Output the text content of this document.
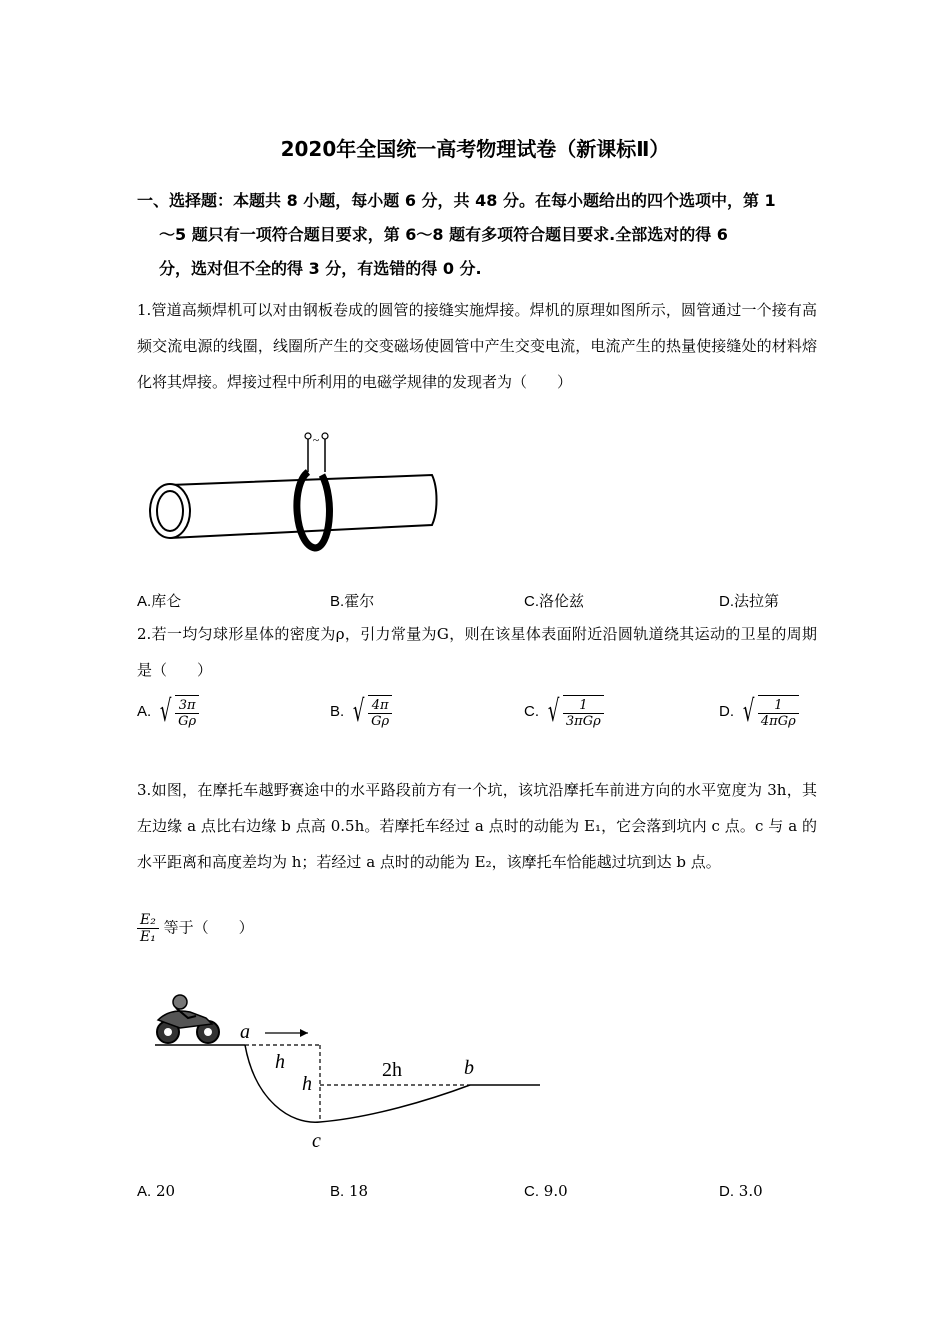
2020年全国统一高考物理试卷（新课标Ⅱ）
一、选择题：本题共 8 小题，每小题 6 分，共 48 分。在每小题给出的四个选项中，第 1
～5 题只有一项符合题目要求，第 6～8 题有多项符合题目要求.全部选对的得 6
分，选对但不全的得 3 分，有选错的得 0 分.
1.管道高频焊机可以对由钢板卷成的圆管的接缝实施焊接。焊机的原理如图所示，圆管通过一个接有高频交流电源的线圈，线圈所产生的交变磁场使圆管中产生交变电流，电流产生的热量使接缝处的材料熔化将其焊接。焊接过程中所利用的电磁学规律的发现者为（　　）
~
A.库仑	B.霍尔	C.洛伦兹	D.法拉第
2.若一均匀球形星体的密度为ρ，引力常量为G，则在该星体表面附近沿圆轨道绕其运动的卫星的周期是（　　）
A. √ $\frac{3\pi}{G\rho}$	B. √ $\frac{4\pi}{G\rho}$	C. √ $\frac{1}{\text{3πGρ}}$	D. √ $\frac{1}{\text{4πGρ}}$
3.如图，在摩托车越野赛途中的水平路段前方有一个坑，该坑沿摩托车前进方向的水平宽度为 3h，其左边缘 a 点比右边缘 b 点高 0.5h。若摩托车经过 a 点时的动能为 E₁，它会落到坑内 c 点。c 与 a 的水平距离和高度差均为 h；若经过 a 点时的动能为 E₂，该摩托车恰能越过坑到达 b 点。
$\frac{\text{E₂}}{\text{E₁}}$ 等于（　　）
a
h
h
2h	b
c
A. 20	B. 18	C. 9.0	D. 3.0
